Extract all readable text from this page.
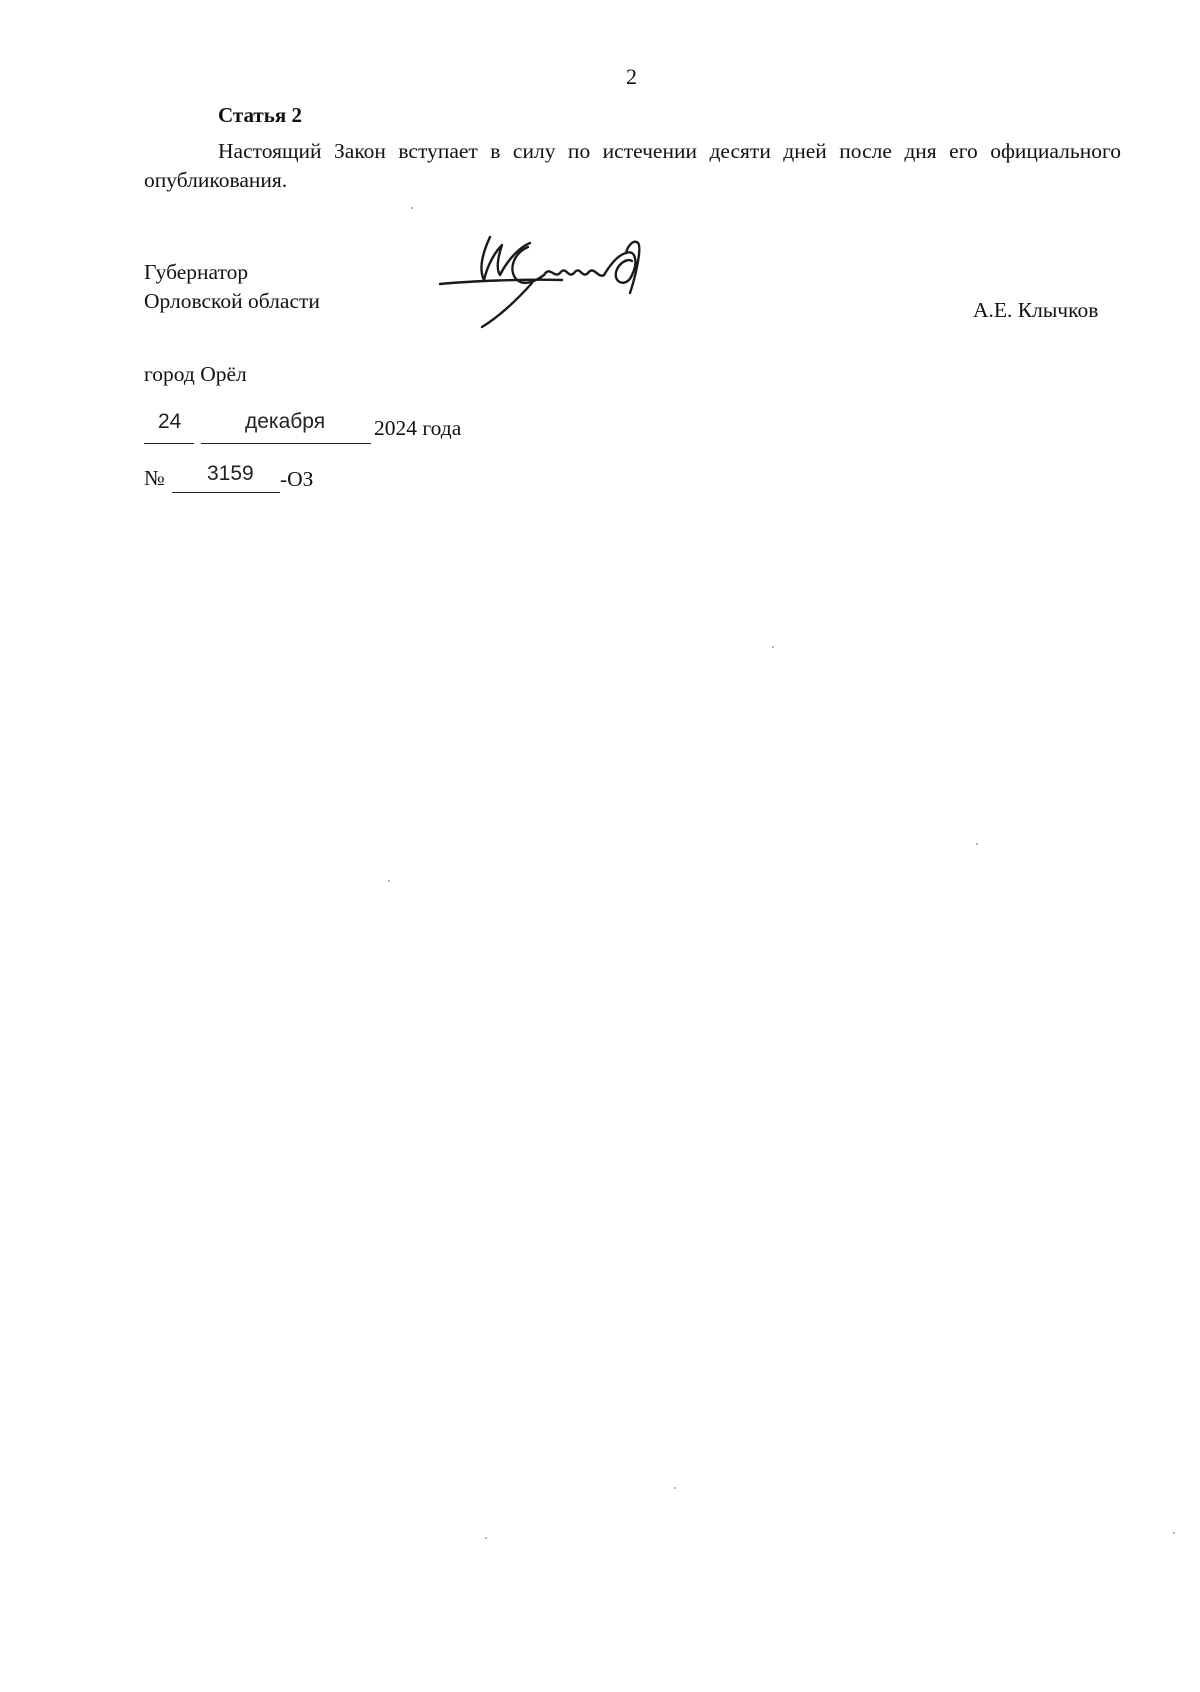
2
Статья 2
Настоящий Закон вступает в силу по истечении десяти дней после дня его официального опубликования.
Губернатор
Орловской области	А.Е. Клычков
город Орёл
24	декабря 2024 года
№ 3159 -ОЗ
